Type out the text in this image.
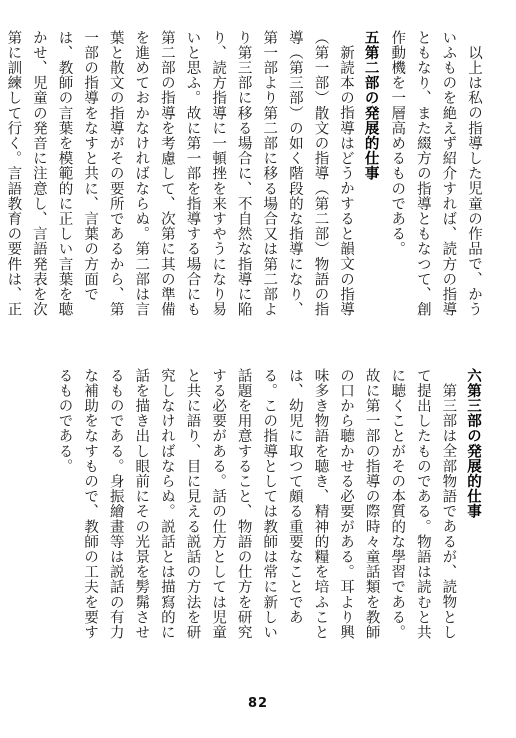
以上は私の指導した児童の作品で、かういふものを絶えず紹介すれば、読方の指導ともなり、また綴方の指導ともなつて、創作動機を一層高めるものである。

五第二部の発展的仕事

新読本の指導はどうかすると韻文の指導（第一部）散文の指導（第二部）物語の指導（第三部）の如く階段的な指導になり、第一部より第二部に移る場合又は第二部より第三部に移る場合に、不自然な指導に陥り、読方指導に一頓挫を来すやうになり易いと思ふ。故に第一部を指導する場合にも第二部の指導を考慮して、次第に其の準備を進めておかなければならぬ。第二部は言葉と散文の指導がその要所であるから、第一部の指導をなすと共に、言葉の方面では、教師の言葉を模範的に正しい言葉を聴かせ、児童の発音に注意し、言語発表を次第に訓練して行く。言語教育の要件は、正

六第三部の発展的仕事

第三部は全部物語であるが、読物として提出したものである。物語は読むと共に聴くことがその本質的な學習である。故に第一部の指導の際時々童話類を教師の口から聴かせる必要がある。耳より興味多き物語を聴き、精神的糧を培ふことは、幼児に取つて頗る重要なことである。この指導としては教師は常に新しい話題を用意すること、物語の仕方を研究する必要がある。話の仕方としては児童と共に語り、目に見える説話の方法を研究しなければならぬ。説話とは描寫的に話を描き出し眼前にその光景を髣髴させるものである。身振繪畫等は説話の有力な補助をなすもので、教師の工夫を要するものである。

82
